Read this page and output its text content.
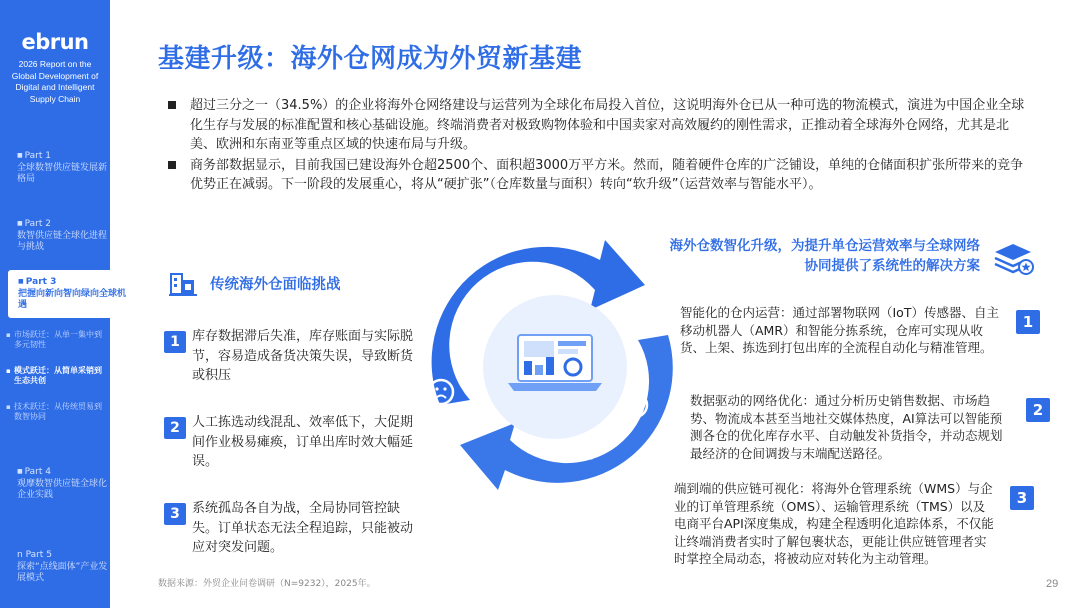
ebrun
2026 Report on the Global Development of Digital and Intelligent Supply Chain
■ Part 1
全球数智供应链发展新格局
■ Part 2
数智供应链全球化进程与挑战
■ Part 3
把握向新向智向绿向全球机遇
▪ 市场跃迁：从单一集中到多元韧性
▪ 模式跃迁：从简单采销到生态共创
▪ 技术跃迁：从传统贸易到数智协同
■ Part 4
观摩数智供应链全球化企业实践
n Part 5
探索“点线面体”产业发展模式
基建升级：海外仓网成为外贸新基建
超过三分之一（34.5%）的企业将海外仓网络建设与运营列为全球化布局投入首位，这说明海外仓已从一种可选的物流模式，演进为中国企业全球化生存与发展的标准配置和核心基础设施。终端消费者对极致购物体验和中国卖家对高效履约的刚性需求，正推动着全球海外仓网络，尤其是北美、欧洲和东南亚等重点区域的快速布局与升级。
商务部数据显示，目前我国已建设海外仓超2500个、面积超3000万平方米。然而，随着硬件仓库的广泛铺设，单纯的仓储面积扩张所带来的竞争优势正在减弱。下一阶段的发展重心，将从“硬扩张”（仓库数量与面积）转向“软升级”（运营效率与智能水平）。
传统海外仓面临挑战
1 库存数据滞后失准，库存账面与实际脱节，容易造成备货决策失误，导致断货或积压
2 人工拣选动线混乱、效率低下，大促期间作业极易瘫痪，订单出库时效大幅延误。
3 系统孤岛各自为战，全局协同管控缺失。订单状态无法全程追踪，只能被动应对突发问题。
面临挑战
解决方案
海外仓数智化升级，为提升单仓运营效率与全球网络协同提供了系统性的解决方案
智能化的仓内运营：通过部署物联网（IoT）传感器、自主移动机器人（AMR）和智能分拣系统，仓库可实现从收货、上架、拣选到打包出库的全流程自动化与精准管理。
1
数据驱动的网络优化：通过分析历史销售数据、市场趋势、物流成本甚至当地社交媒体热度，AI算法可以智能预测各仓的优化库存水平、自动触发补货指令，并动态规划最经济的仓间调拨与末端配送路径。
2
端到端的供应链可视化：将海外仓管理系统（WMS）与企业的订单管理系统（OMS）、运输管理系统（TMS）以及电商平台API深度集成，构建全程透明化追踪体系，不仅能让终端消费者实时了解包裹状态，更能让供应链管理者实时掌控全局动态，将被动应对转化为主动管理。
3
数据来源：外贸企业问卷调研（N=9232），2025年。	29
